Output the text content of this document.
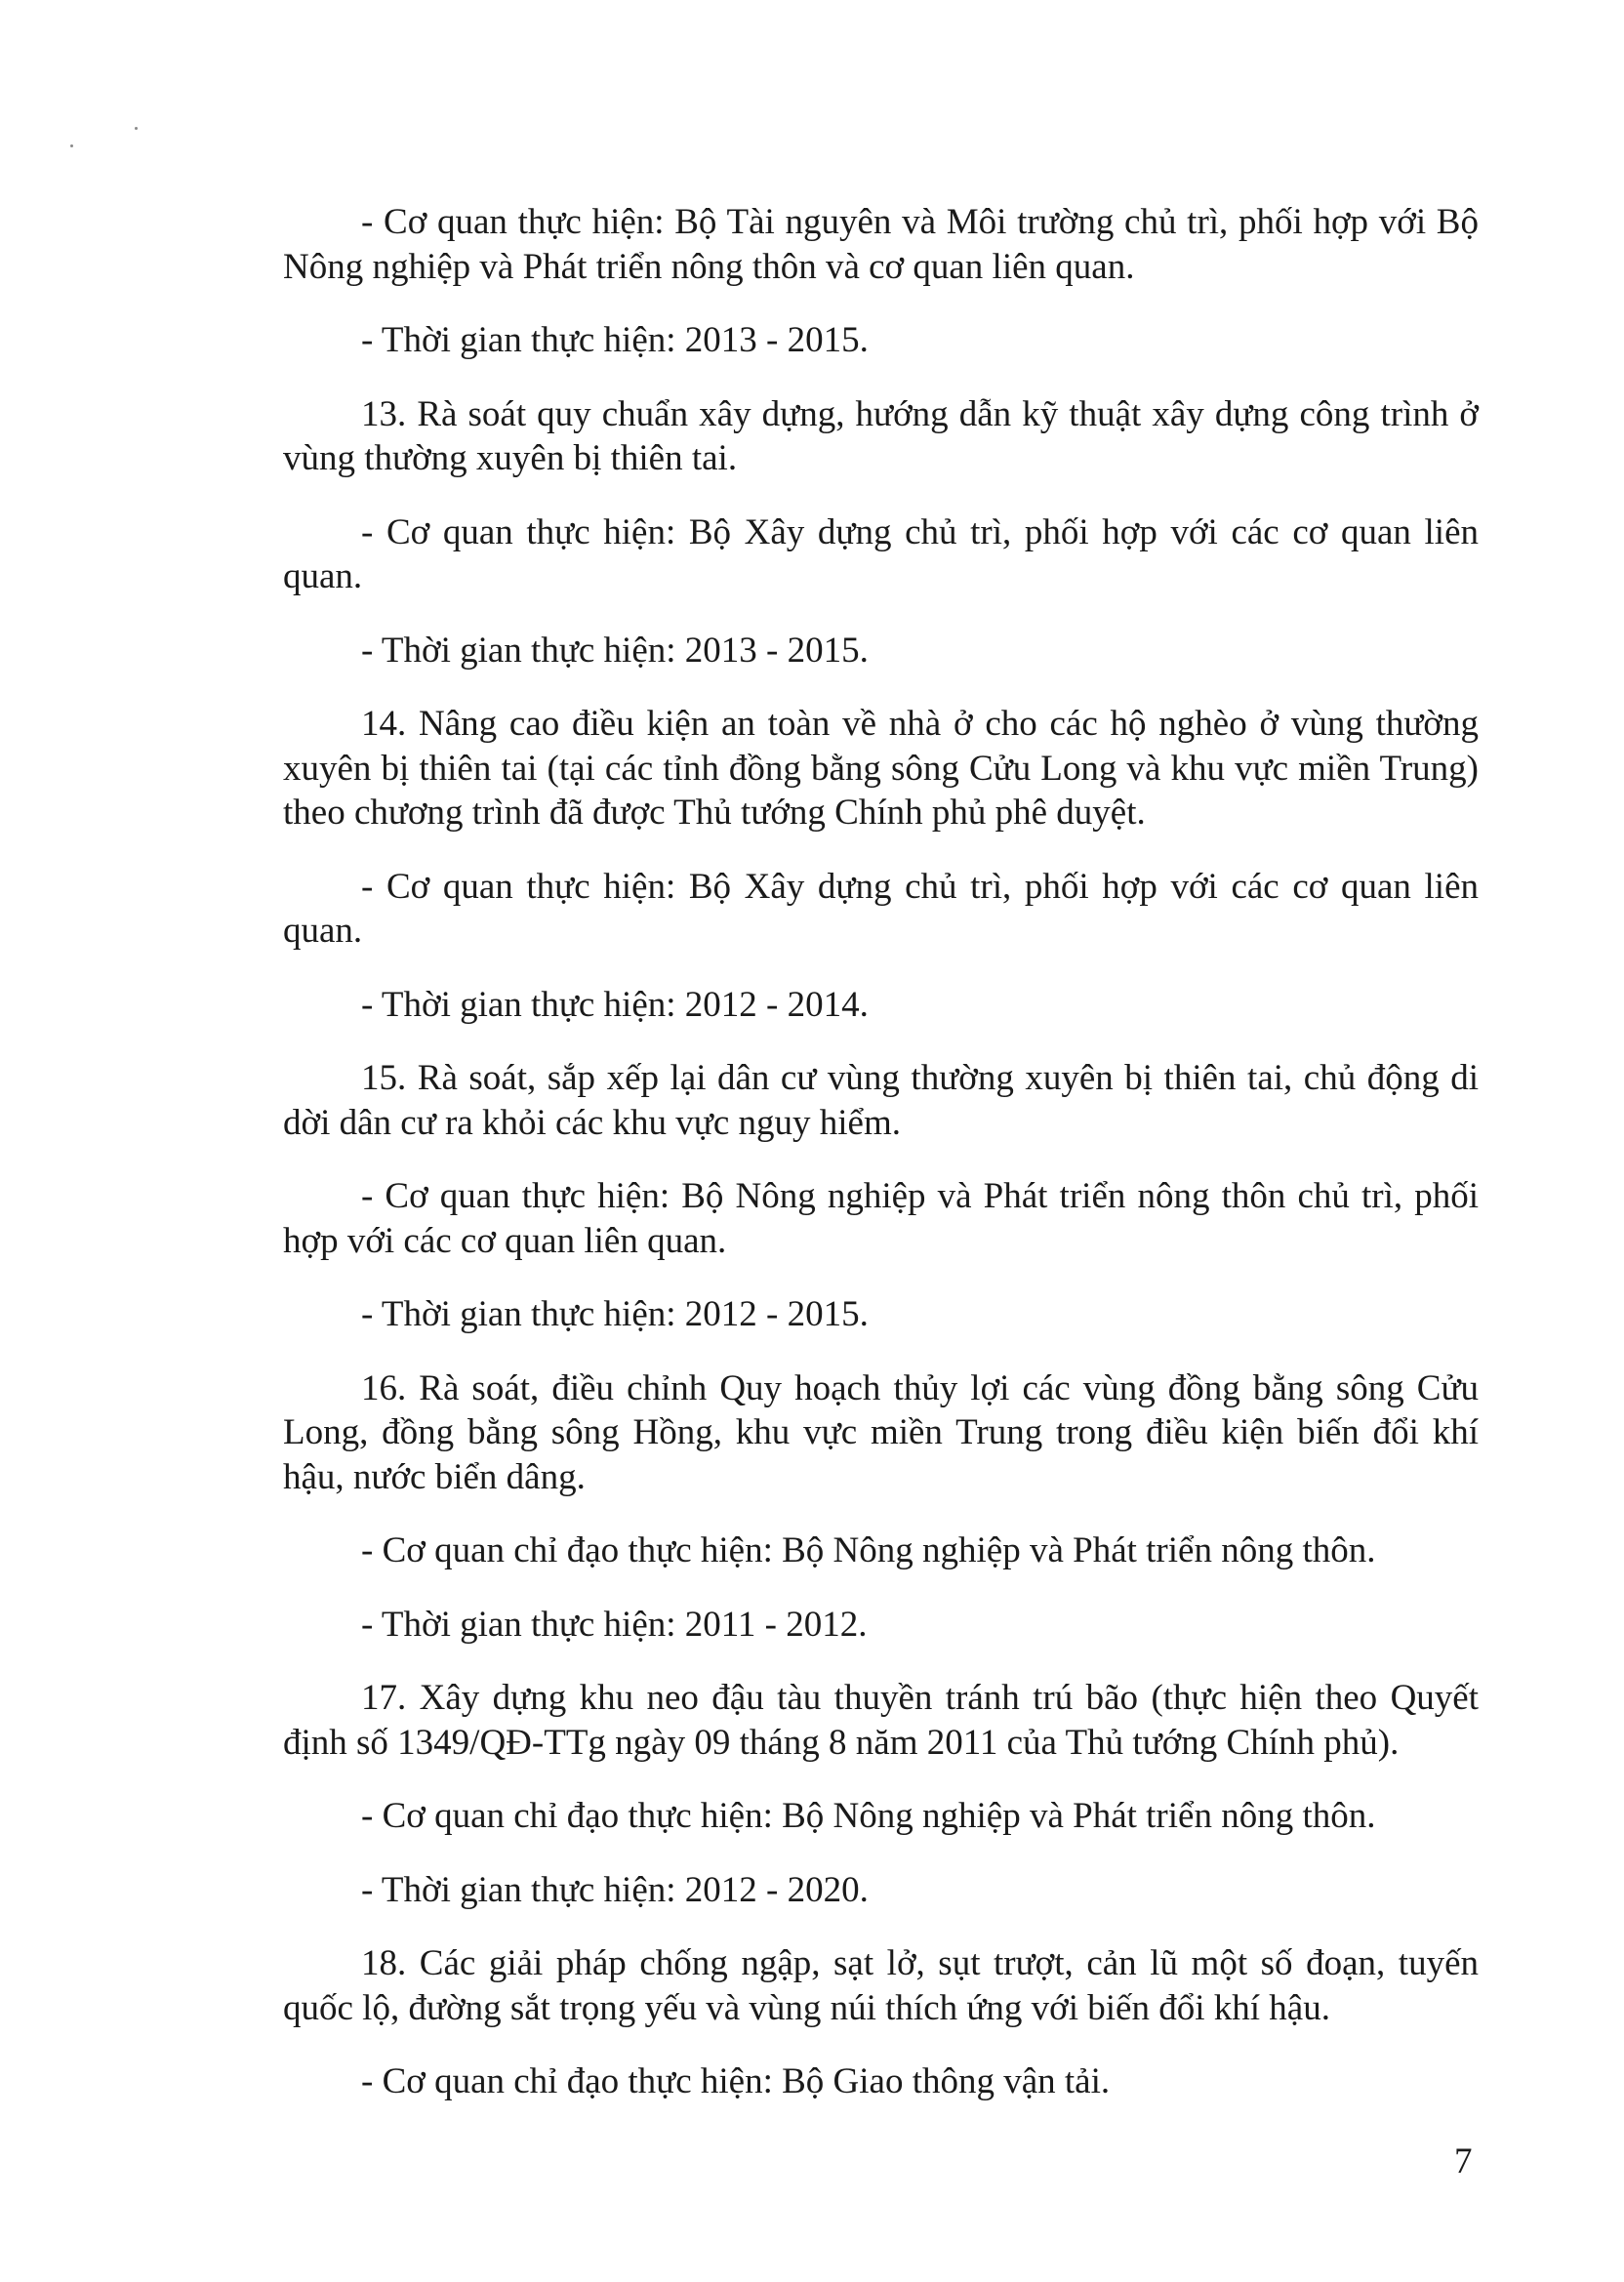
- Cơ quan thực hiện: Bộ Tài nguyên và Môi trường chủ trì, phối hợp với Bộ Nông nghiệp và Phát triển nông thôn và cơ quan liên quan.

- Thời gian thực hiện: 2013 - 2015.

13. Rà soát quy chuẩn xây dựng, hướng dẫn kỹ thuật xây dựng công trình ở vùng thường xuyên bị thiên tai.

- Cơ quan thực hiện: Bộ Xây dựng chủ trì, phối hợp với các cơ quan liên quan.

- Thời gian thực hiện: 2013 - 2015.

14. Nâng cao điều kiện an toàn về nhà ở cho các hộ nghèo ở vùng thường xuyên bị thiên tai (tại các tỉnh đồng bằng sông Cửu Long và khu vực miền Trung) theo chương trình đã được Thủ tướng Chính phủ phê duyệt.

- Cơ quan thực hiện: Bộ Xây dựng chủ trì, phối hợp với các cơ quan liên quan.

- Thời gian thực hiện: 2012 - 2014.

15. Rà soát, sắp xếp lại dân cư vùng thường xuyên bị thiên tai, chủ động di dời dân cư ra khỏi các khu vực nguy hiểm.

- Cơ quan thực hiện: Bộ Nông nghiệp và Phát triển nông thôn chủ trì, phối hợp với các cơ quan liên quan.

- Thời gian thực hiện: 2012 - 2015.

16. Rà soát, điều chỉnh Quy hoạch thủy lợi các vùng đồng bằng sông Cửu Long, đồng bằng sông Hồng, khu vực miền Trung trong điều kiện biến đổi khí hậu, nước biển dâng.

- Cơ quan chỉ đạo thực hiện: Bộ Nông nghiệp và Phát triển nông thôn.

- Thời gian thực hiện: 2011 - 2012.

17. Xây dựng khu neo đậu tàu thuyền tránh trú bão (thực hiện theo Quyết định số 1349/QĐ-TTg ngày 09 tháng 8 năm 2011 của Thủ tướng Chính phủ).

- Cơ quan chỉ đạo thực hiện: Bộ Nông nghiệp và Phát triển nông thôn.

- Thời gian thực hiện: 2012 - 2020.

18. Các giải pháp chống ngập, sạt lở, sụt trượt, cản lũ một số đoạn, tuyến quốc lộ, đường sắt trọng yếu và vùng núi thích ứng với biến đổi khí hậu.

- Cơ quan chỉ đạo thực hiện: Bộ Giao thông vận tải.

7
